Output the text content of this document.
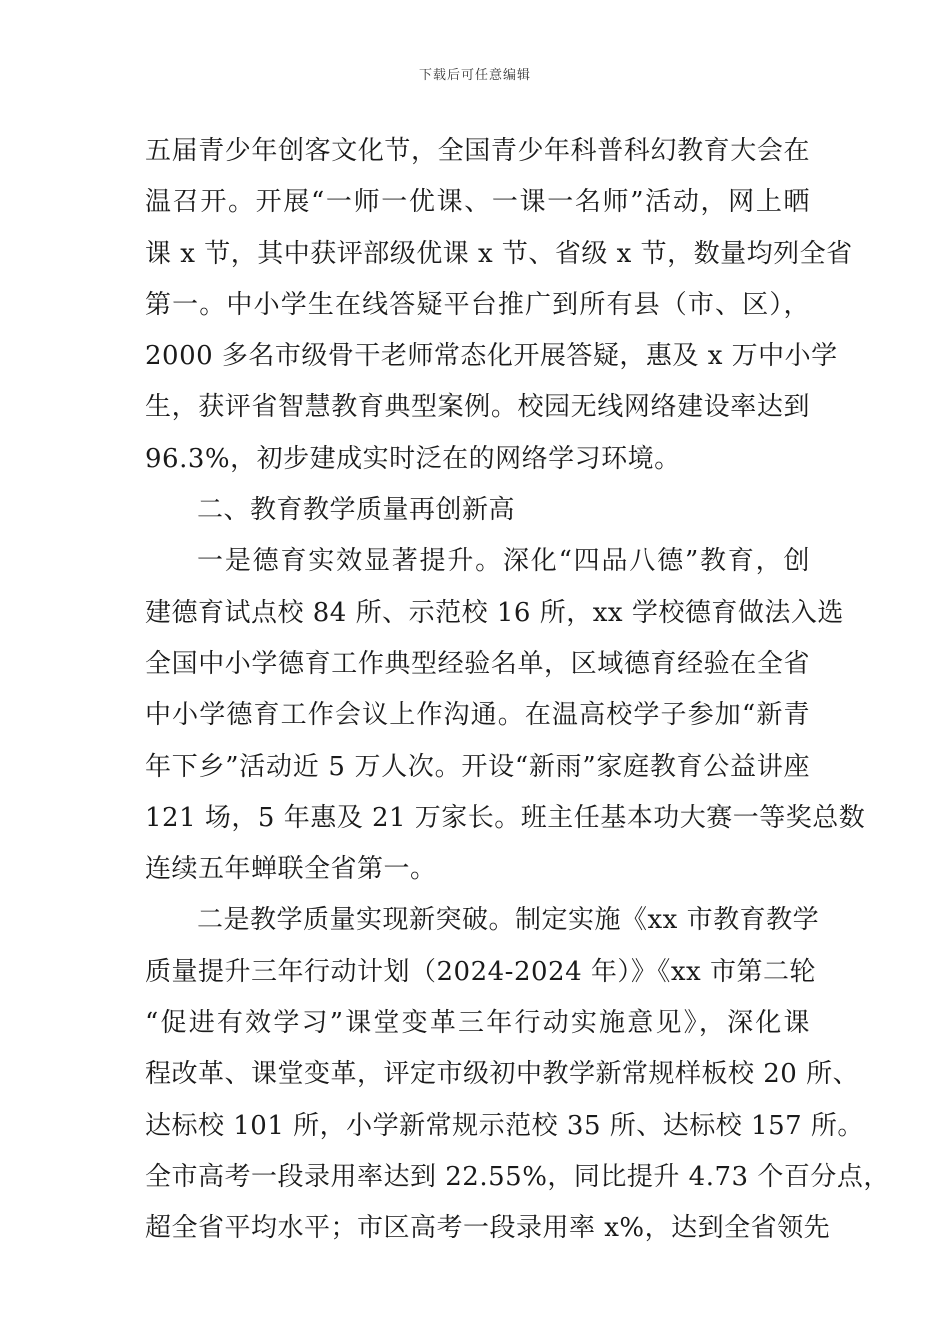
下载后可任意编辑
五届青少年创客文化节，全国青少年科普科幻教育大会在
温召开。开展“一师一优课、一课一名师”活动，网上晒
课 x 节，其中获评部级优课 x 节、省级 x 节，数量均列全省
第一。中小学生在线答疑平台推广到所有县（市、区），
2000 多名市级骨干老师常态化开展答疑，惠及 x 万中小学
生，获评省智慧教育典型案例。校园无线网络建设率达到
96.3%，初步建成实时泛在的网络学习环境。
二、教育教学质量再创新高
一是德育实效显著提升。深化“四品八德”教育，创
建德育试点校 84 所、示范校 16 所，xx 学校德育做法入选
全国中小学德育工作典型经验名单，区域德育经验在全省
中小学德育工作会议上作沟通。在温高校学子参加“新青
年下乡”活动近 5 万人次。开设“新雨”家庭教育公益讲座
121 场，5 年惠及 21 万家长。班主任基本功大赛一等奖总数
连续五年蝉联全省第一。
二是教学质量实现新突破。制定实施《xx 市教育教学
质量提升三年行动计划（2024-2024 年）》《xx 市第二轮
“促进有效学习”课堂变革三年行动实施意见》，深化课
程改革、课堂变革，评定市级初中教学新常规样板校 20 所、
达标校 101 所，小学新常规示范校 35 所、达标校 157 所。
全市高考一段录用率达到 22.55%，同比提升 4.73 个百分点，
超全省平均水平；市区高考一段录用率 x%，达到全省领先
